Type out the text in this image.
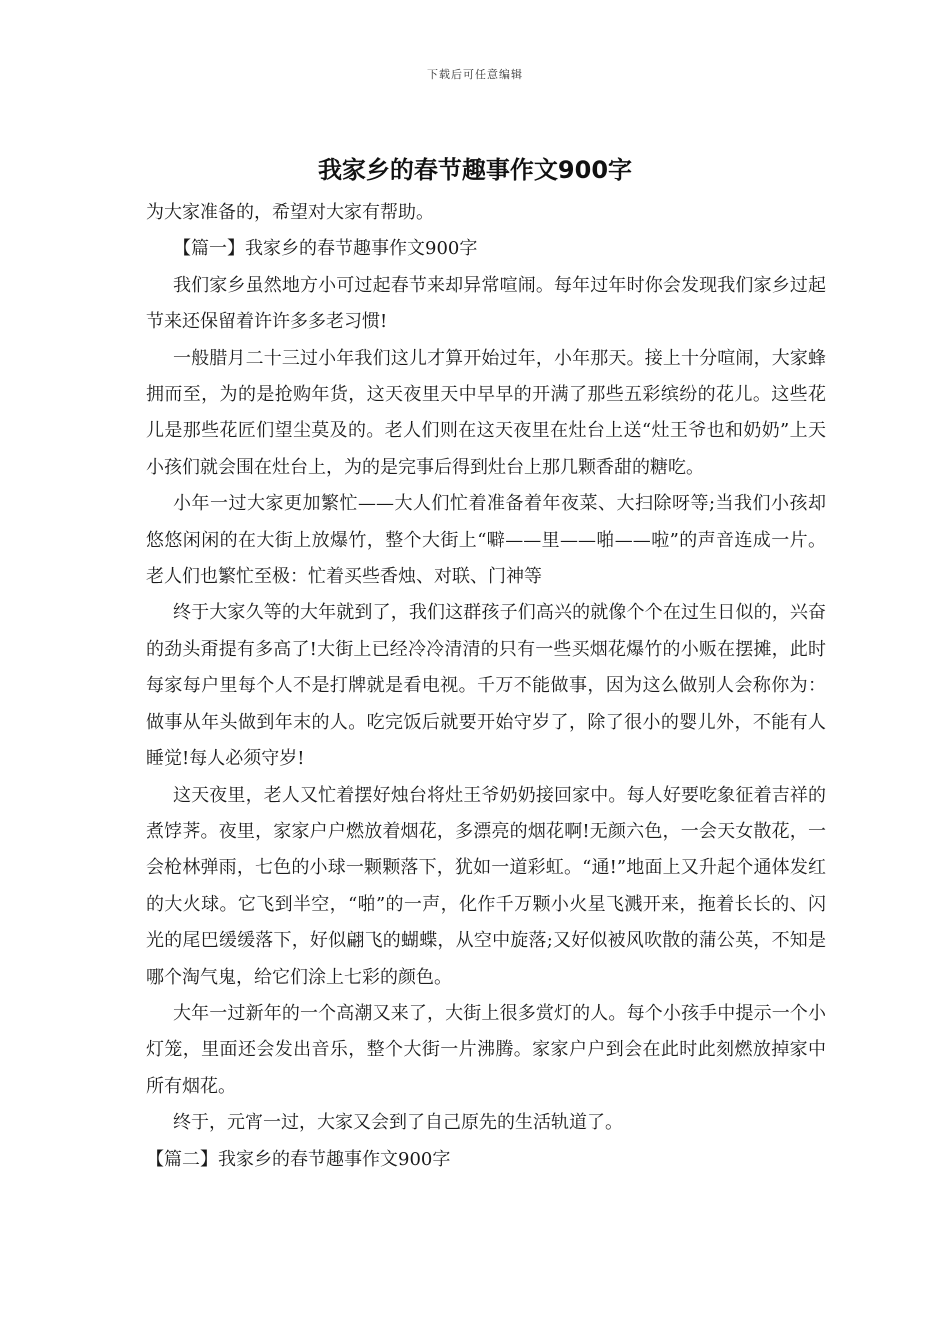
下载后可任意编辑
我家乡的春节趣事作文900字

为大家准备的，希望对大家有帮助。

【篇一】我家乡的春节趣事作文900字

我们家乡虽然地方小可过起春节来却异常喧闹。每年过年时你会发现我们家乡过起节来还保留着许许多多老习惯!

一般腊月二十三过小年我们这儿才算开始过年，小年那天。接上十分喧闹，大家蜂拥而至，为的是抢购年货，这天夜里天中早早的开满了那些五彩缤纷的花儿。这些花儿是那些花匠们望尘莫及的。老人们则在这天夜里在灶台上送“灶王爷也和奶奶”上天小孩们就会围在灶台上，为的是完事后得到灶台上那几颗香甜的糖吃。

小年一过大家更加繁忙——大人们忙着准备着年夜菜、大扫除呀等;当我们小孩却悠悠闲闲的在大街上放爆竹，整个大街上“噼——里——啪——啦”的声音连成一片。老人们也繁忙至极：忙着买些香烛、对联、门神等

终于大家久等的大年就到了，我们这群孩子们高兴的就像个个在过生日似的，兴奋的劲头甭提有多高了!大街上已经冷冷清清的只有一些买烟花爆竹的小贩在摆摊，此时每家每户里每个人不是打牌就是看电视。千万不能做事，因为这么做别人会称你为：做事从年头做到年末的人。吃完饭后就要开始守岁了，除了很小的婴儿外，不能有人睡觉!每人必须守岁!

这天夜里，老人又忙着摆好烛台将灶王爷奶奶接回家中。每人好要吃象征着吉祥的煮饽荠。夜里，家家户户燃放着烟花，多漂亮的烟花啊!无颜六色，一会天女散花，一会枪林弹雨，七色的小球一颗颗落下，犹如一道彩虹。“通!”地面上又升起个通体发红的大火球。它飞到半空，“啪”的一声，化作千万颗小火星飞溅开来，拖着长长的、闪光的尾巴缓缓落下，好似翩飞的蝴蝶，从空中旋落;又好似被风吹散的蒲公英，不知是哪个淘气鬼，给它们涂上七彩的颜色。

大年一过新年的一个高潮又来了，大街上很多赏灯的人。每个小孩手中提示一个小灯笼，里面还会发出音乐，整个大街一片沸腾。家家户户到会在此时此刻燃放掉家中所有烟花。

终于，元宵一过，大家又会到了自己原先的生活轨道了。

【篇二】我家乡的春节趣事作文900字
